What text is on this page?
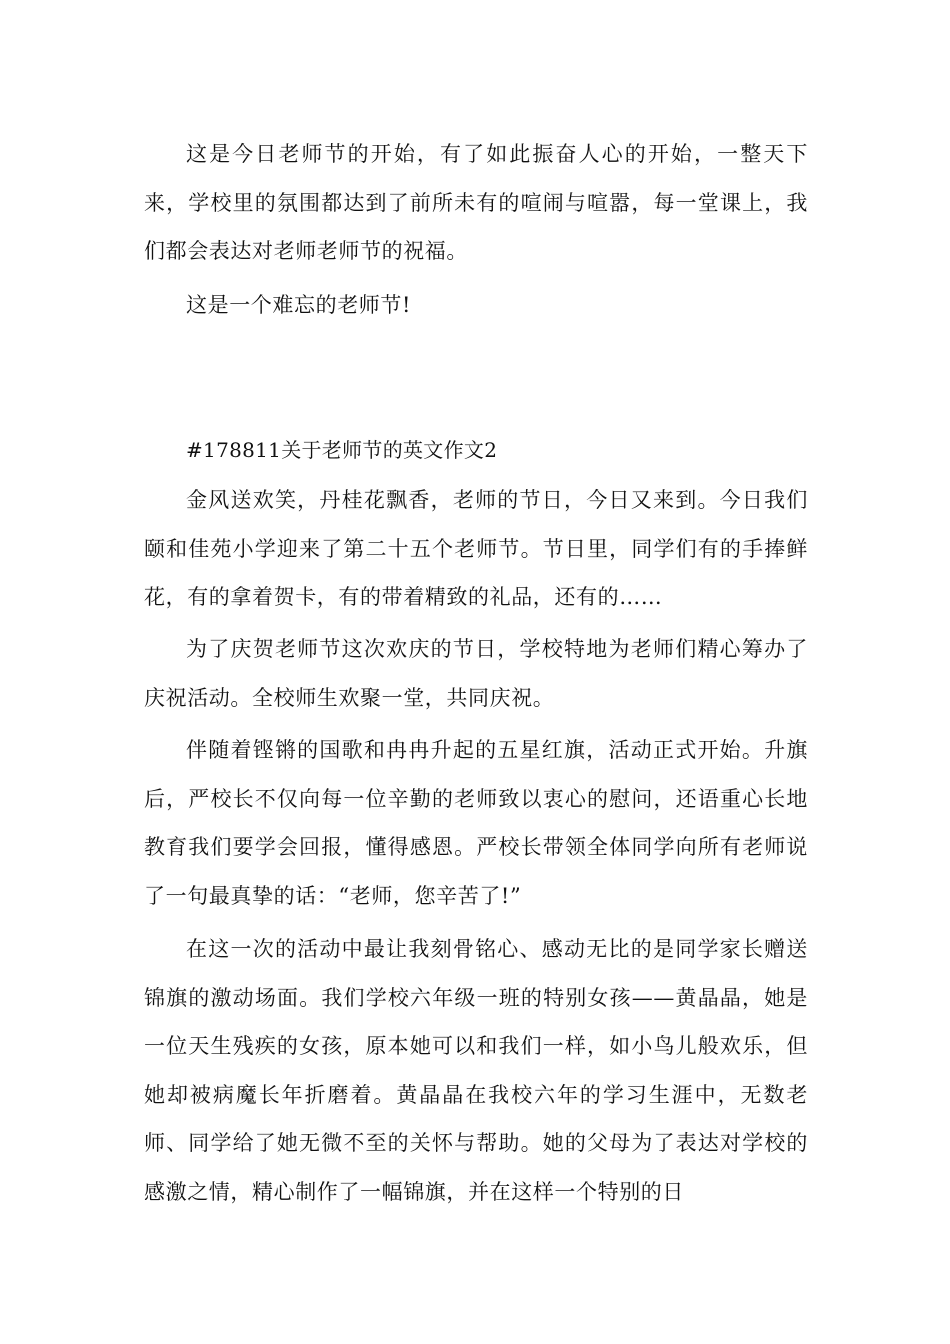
这是今日老师节的开始，有了如此振奋人心的开始，一整天下来，学校里的氛围都达到了前所未有的喧闹与喧嚣，每一堂课上，我们都会表达对老师老师节的祝福。

这是一个难忘的老师节!

#178811关于老师节的英文作文2

金风送欢笑，丹桂花飘香，老师的节日，今日又来到。今日我们颐和佳苑小学迎来了第二十五个老师节。节日里，同学们有的手捧鲜花，有的拿着贺卡，有的带着精致的礼品，还有的……

为了庆贺老师节这次欢庆的节日，学校特地为老师们精心筹办了庆祝活动。全校师生欢聚一堂，共同庆祝。

伴随着铿锵的国歌和冉冉升起的五星红旗，活动正式开始。升旗后，严校长不仅向每一位辛勤的老师致以衷心的慰问，还语重心长地教育我们要学会回报，懂得感恩。严校长带领全体同学向所有老师说了一句最真挚的话：“老师，您辛苦了!”

在这一次的活动中最让我刻骨铭心、感动无比的是同学家长赠送锦旗的激动场面。我们学校六年级一班的特别女孩——黄晶晶，她是一位天生残疾的女孩，原本她可以和我们一样，如小鸟儿般欢乐，但她却被病魔长年折磨着。黄晶晶在我校六年的学习生涯中，无数老师、同学给了她无微不至的关怀与帮助。她的父母为了表达对学校的感激之情，精心制作了一幅锦旗，并在这样一个特别的日
